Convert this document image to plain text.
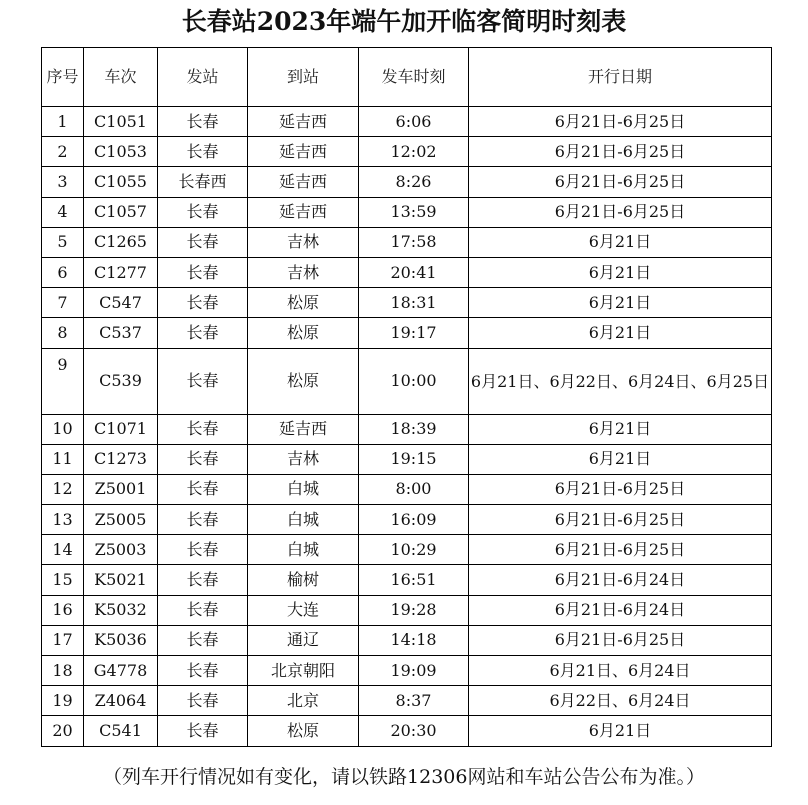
长春站2023年端午加开临客简明时刻表
序号	车次	发站	到站	发车时刻	开行日期
1	C1051	长春	延吉西	6:06	6月21日-6月25日
2	C1053	长春	延吉西	12:02	6月21日-6月25日
3	C1055	长春西	延吉西	8:26	6月21日-6月25日
4	C1057	长春	延吉西	13:59	6月21日-6月25日
5	C1265	长春	吉林	17:58	6月21日
6	C1277	长春	吉林	20:41	6月21日
7	C547	长春	松原	18:31	6月21日
8	C537	长春	松原	19:17	6月21日
9	C539	长春	松原	10:00	6月21日、6月22日、6月24日、6月25日
10	C1071	长春	延吉西	18:39	6月21日
11	C1273	长春	吉林	19:15	6月21日
12	Z5001	长春	白城	8:00	6月21日-6月25日
13	Z5005	长春	白城	16:09	6月21日-6月25日
14	Z5003	长春	白城	10:29	6月21日-6月25日
15	K5021	长春	榆树	16:51	6月21日-6月24日
16	K5032	长春	大连	19:28	6月21日-6月24日
17	K5036	长春	通辽	14:18	6月21日-6月25日
18	G4778	长春	北京朝阳	19:09	6月21日、6月24日
19	Z4064	长春	北京	8:37	6月22日、6月24日
20	C541	长春	松原	20:30	6月21日
（列车开行情况如有变化，请以铁路12306网站和车站公告公布为准。）
